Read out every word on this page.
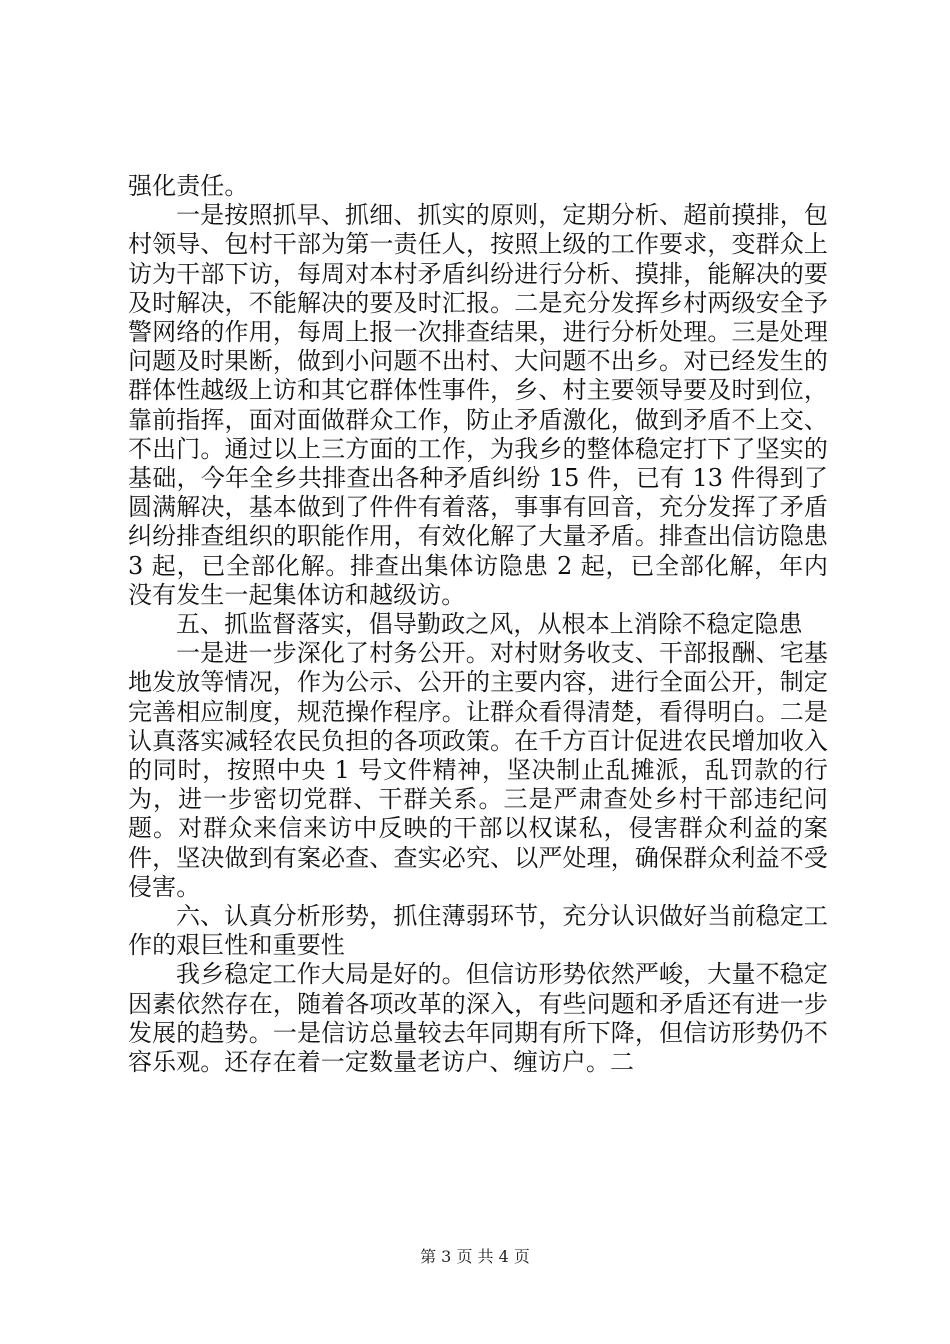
强化责任。

一是按照抓早、抓细、抓实的原则，定期分析、超前摸排，包村领导、包村干部为第一责任人，按照上级的工作要求，变群众上访为干部下访，每周对本村矛盾纠纷进行分析、摸排，能解决的要及时解决，不能解决的要及时汇报。二是充分发挥乡村两级安全予警网络的作用，每周上报一次排查结果，进行分析处理。三是处理问题及时果断，做到小问题不出村、大问题不出乡。对已经发生的群体性越级上访和其它群体性事件，乡、村主要领导要及时到位，靠前指挥，面对面做群众工作，防止矛盾激化，做到矛盾不上交、不出门。通过以上三方面的工作，为我乡的整体稳定打下了坚实的基础，今年全乡共排查出各种矛盾纠纷 15 件，已有 13 件得到了圆满解决，基本做到了件件有着落，事事有回音，充分发挥了矛盾纠纷排查组织的职能作用，有效化解了大量矛盾。排查出信访隐患 3 起，已全部化解。排查出集体访隐患 2 起，已全部化解，年内没有发生一起集体访和越级访。

五、抓监督落实，倡导勤政之风，从根本上消除不稳定隐患

一是进一步深化了村务公开。对村财务收支、干部报酬、宅基地发放等情况，作为公示、公开的主要内容，进行全面公开，制定完善相应制度，规范操作程序。让群众看得清楚，看得明白。二是认真落实减轻农民负担的各项政策。在千方百计促进农民增加收入的同时，按照中央 1 号文件精神，坚决制止乱摊派，乱罚款的行为，进一步密切党群、干群关系。三是严肃查处乡村干部违纪问题。对群众来信来访中反映的干部以权谋私，侵害群众利益的案件，坚决做到有案必查、查实必究、以严处理，确保群众利益不受侵害。

六、认真分析形势，抓住薄弱环节，充分认识做好当前稳定工作的艰巨性和重要性

我乡稳定工作大局是好的。但信访形势依然严峻，大量不稳定因素依然存在，随着各项改革的深入，有些问题和矛盾还有进一步发展的趋势。一是信访总量较去年同期有所下降，但信访形势仍不容乐观。还存在着一定数量老访户、缠访户。二

第 3 页 共 4 页
